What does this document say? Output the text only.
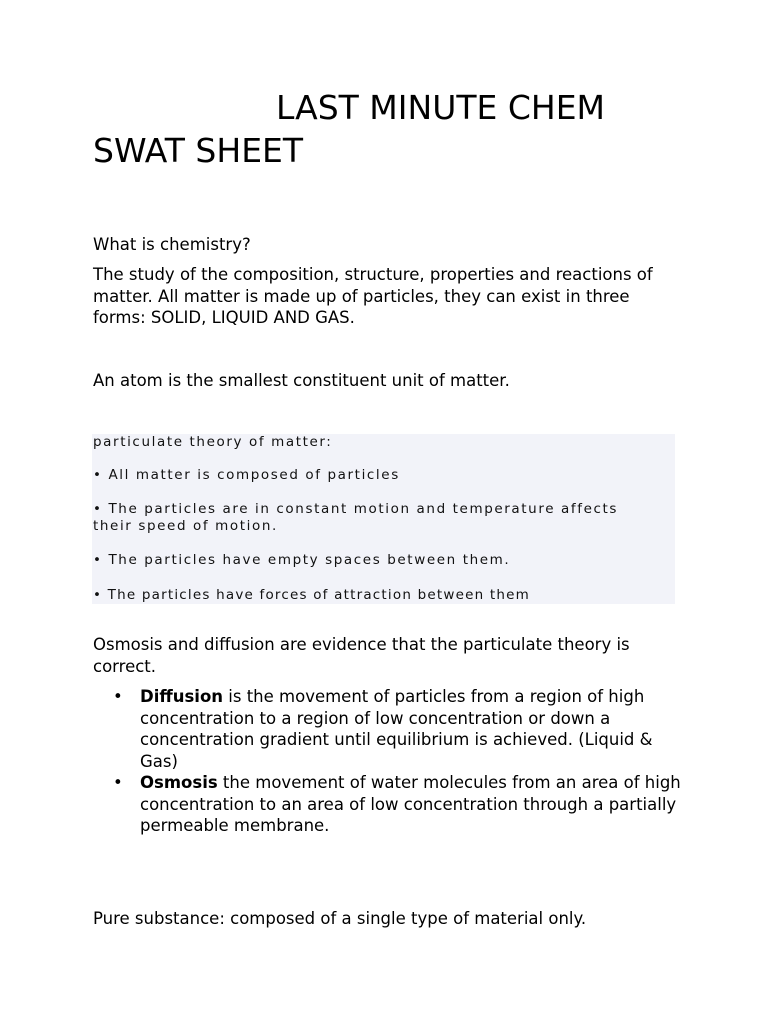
LAST MINUTE CHEM SWAT SHEET

What is chemistry?

The study of the composition, structure, properties and reactions of matter. All matter is made up of particles, they can exist in three forms: SOLID, LIQUID AND GAS.

An atom is the smallest constituent unit of matter.

particulate theory of matter:

• All matter is composed of particles

• The particles are in constant motion and temperature affects their speed of motion.

• The particles have empty spaces between them.

• The particles have forces of attraction between them

Osmosis and diffusion are evidence that the particulate theory is correct.

• Diffusion is the movement of particles from a region of high concentration to a region of low concentration or down a concentration gradient until equilibrium is achieved. (Liquid & Gas)
• Osmosis the movement of water molecules from an area of high concentration to an area of low concentration through a partially permeable membrane.

Pure substance: composed of a single type of material only.
